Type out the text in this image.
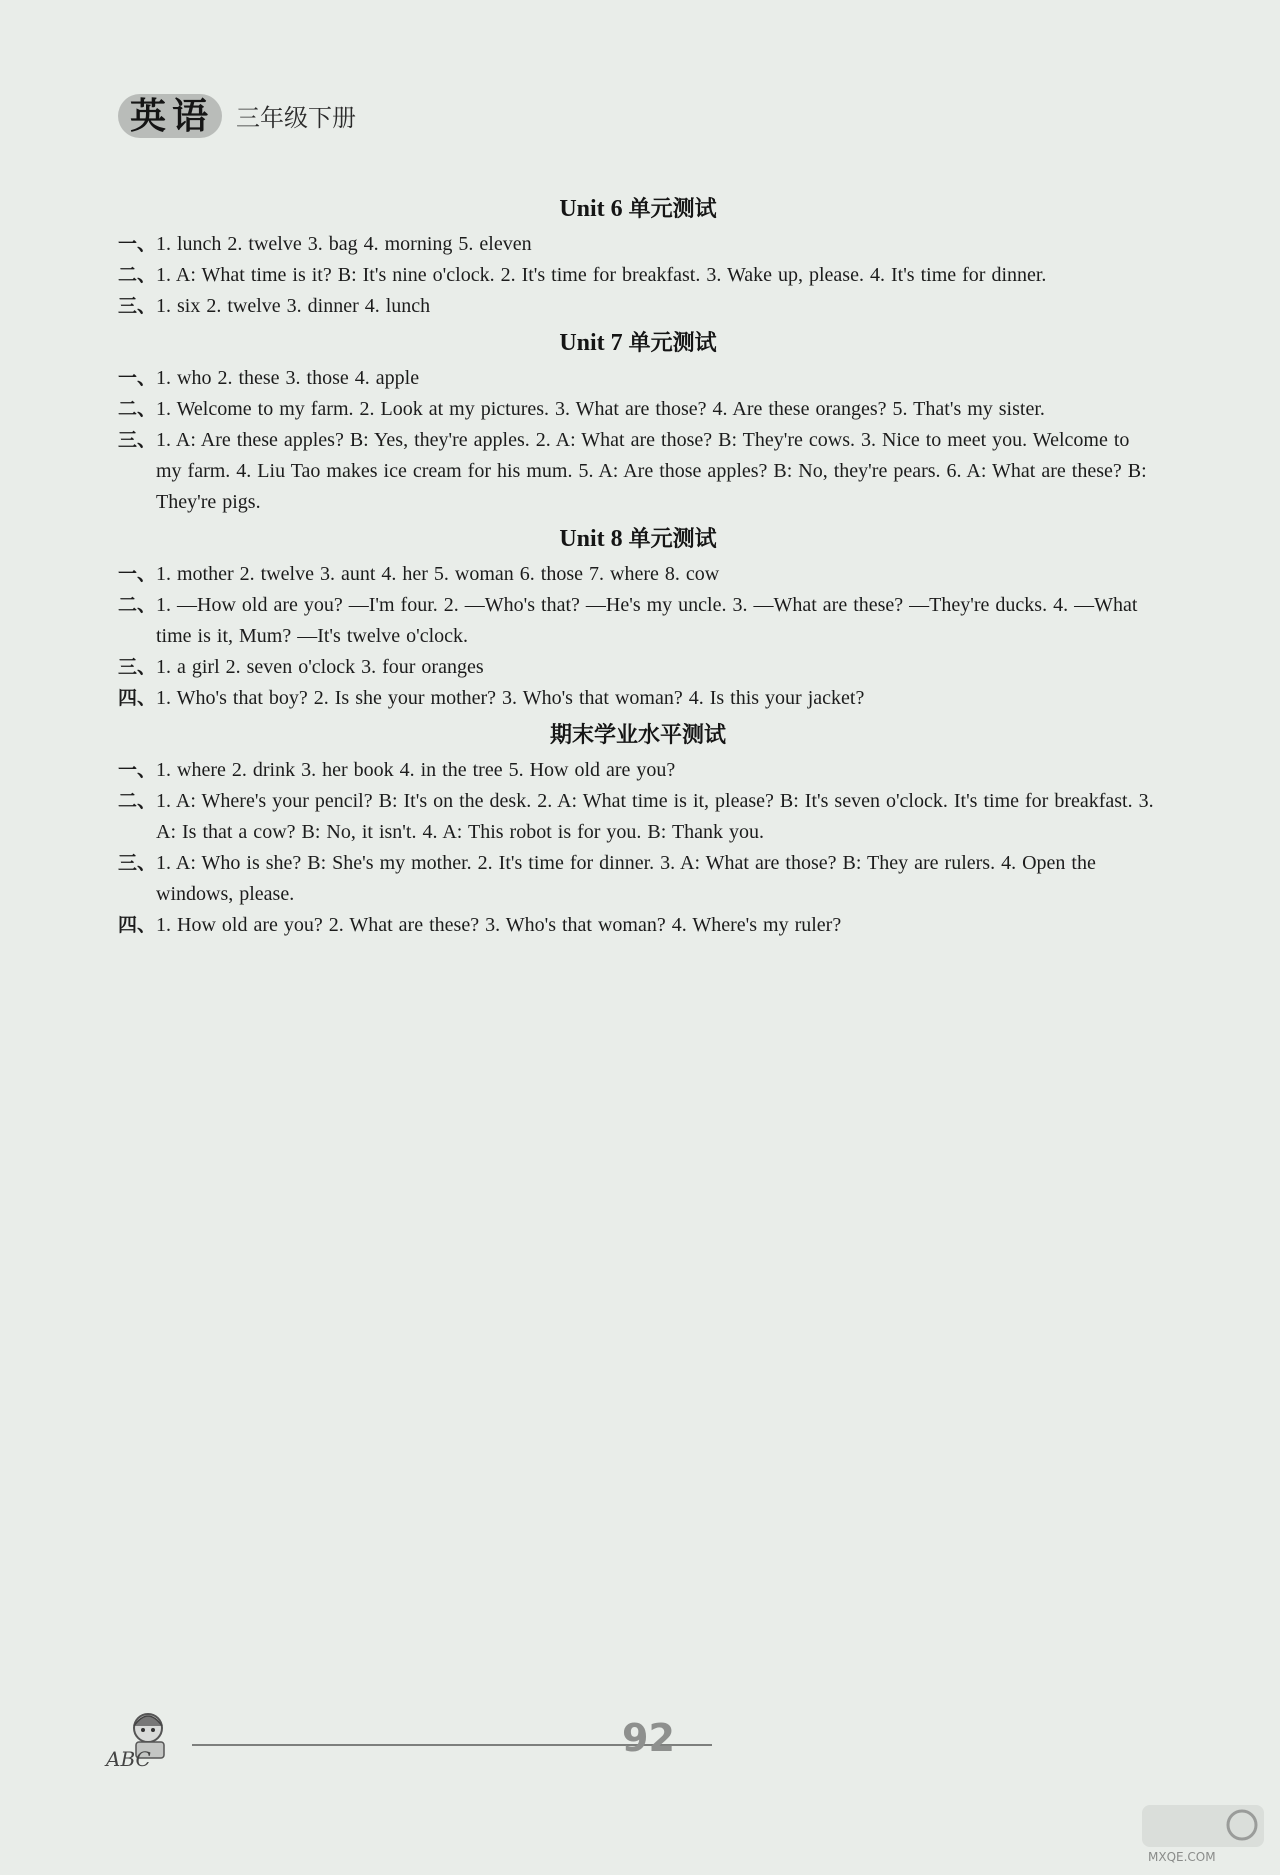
英语 三年级下册
Unit 6 单元测试
一、 1. lunch 2. twelve 3. bag 4. morning 5. eleven
二、 1. A: What time is it? B: It's nine o'clock. 2. It's time for breakfast. 3. Wake up, please. 4. It's time for dinner.
三、 1. six 2. twelve 3. dinner 4. lunch
Unit 7 单元测试
一、 1. who 2. these 3. those 4. apple
二、 1. Welcome to my farm. 2. Look at my pictures. 3. What are those? 4. Are these oranges? 5. That's my sister.
三、 1. A: Are these apples? B: Yes, they're apples. 2. A: What are those? B: They're cows. 3. Nice to meet you. Welcome to my farm. 4. Liu Tao makes ice cream for his mum. 5. A: Are those apples? B: No, they're pears. 6. A: What are these? B: They're pigs.
Unit 8 单元测试
一、 1. mother 2. twelve 3. aunt 4. her 5. woman 6. those 7. where 8. cow
二、 1. —How old are you? —I'm four. 2. —Who's that? —He's my uncle. 3. —What are these? —They're ducks. 4. —What time is it, Mum? —It's twelve o'clock.
三、 1. a girl 2. seven o'clock 3. four oranges
四、 1. Who's that boy? 2. Is she your mother? 3. Who's that woman? 4. Is this your jacket?
期末学业水平测试
一、 1. where 2. drink 3. her book 4. in the tree 5. How old are you?
二、 1. A: Where's your pencil? B: It's on the desk. 2. A: What time is it, please? B: It's seven o'clock. It's time for breakfast. 3. A: Is that a cow? B: No, it isn't. 4. A: This robot is for you. B: Thank you.
三、 1. A: Who is she? B: She's my mother. 2. It's time for dinner. 3. A: What are those? B: They are rulers. 4. Open the windows, please.
四、 1. How old are you? 2. What are these? 3. Who's that woman? 4. Where's my ruler?
ABC	92
MXQE.COM
